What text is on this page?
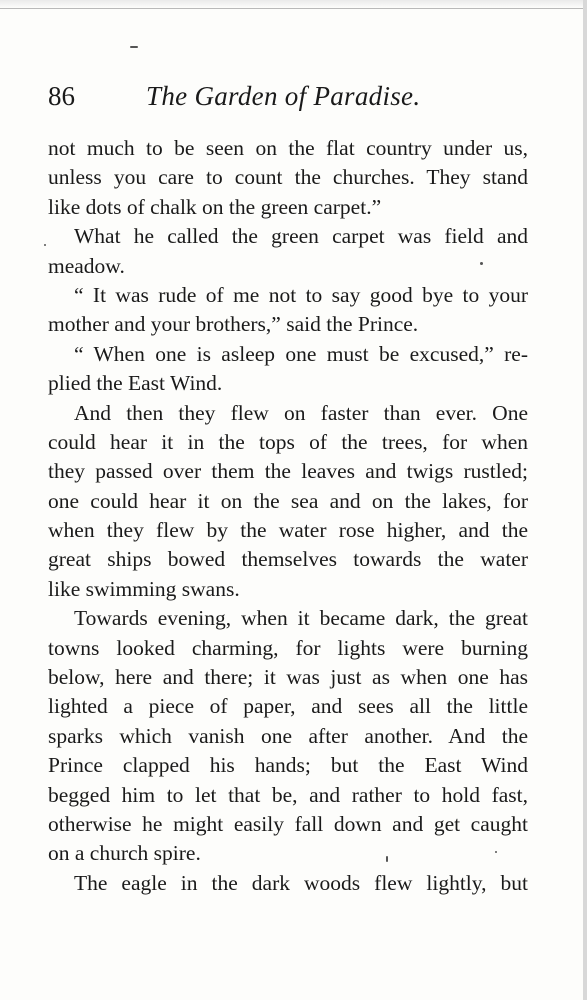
86	The Garden of Paradise.
not much to be seen on the flat country under us,
unless you care to count the churches. They stand
like dots of chalk on the green carpet.”
What he called the green carpet was field and
meadow.
“ It was rude of me not to say good bye to your
mother and your brothers,” said the Prince.
“ When one is asleep one must be excused,” re-
plied the East Wind.
And then they flew on faster than ever. One
could hear it in the tops of the trees, for when
they passed over them the leaves and twigs rustled;
one could hear it on the sea and on the lakes, for
when they flew by the water rose higher, and the
great ships bowed themselves towards the water
like swimming swans.
Towards evening, when it became dark, the great
towns looked charming, for lights were burning
below, here and there; it was just as when one has
lighted a piece of paper, and sees all the little
sparks which vanish one after another. And the
Prince clapped his hands; but the East Wind
begged him to let that be, and rather to hold fast,
otherwise he might easily fall down and get caught
on a church spire.
The eagle in the dark woods flew lightly, but
